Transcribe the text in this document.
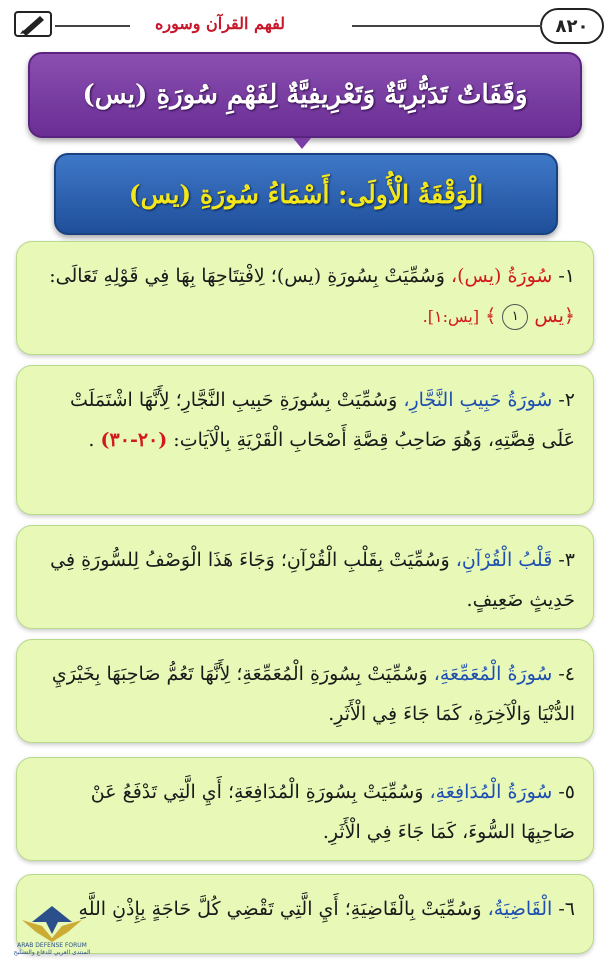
٨٢٠
لفهم القرآن وسوره
وَقَفَاتٌ تَدَبُّرِيَّةٌ وَتَعْرِيفِيَّةٌ لِفَهْمِ سُورَةِ (يس)
الْوَقْفَةُ الْأُولَى: أَسْمَاءُ سُورَةِ (يس)
١- سُورَةُ (يس)، وَسُمِّيَتْ بِسُورَةِ (يس)؛ لِافْتِتَاحِهَا بِهَا فِي قَوْلِهِ تَعَالَى: ﴿يس ١ ﴾ [يس:١].
٢- سُورَةُ حَبِيبِ النَّجَّارِ، وَسُمِّيَتْ بِسُورَةِ حَبِيبِ النَّجَّارِ؛ لِأَنَّهَا اشْتَمَلَتْ عَلَى قِصَّتِهِ، وَهُوَ صَاحِبُ قِصَّةِ أَصْحَابِ الْقَرْيَةِ بِالْآيَاتِ: (٢٠-٣٠) .
٣- قَلْبُ الْقُرْآنِ، وَسُمِّيَتْ بِقَلْبِ الْقُرْآنِ؛ وَجَاءَ هَذَا الْوَصْفُ لِلسُّورَةِ فِي حَدِيثٍ ضَعِيفٍ.
٤- سُورَةُ الْمُعَمِّعَةِ، وَسُمِّيَتْ بِسُورَةِ الْمُعَمِّعَةِ؛ لِأَنَّهَا تَعُمُّ صَاحِبَهَا بِخَيْرَيِ الدُّنْيَا وَالْآخِرَةِ، كَمَا جَاءَ فِي الْأَثَرِ.
٥- سُورَةُ الْمُدَافِعَةِ، وَسُمِّيَتْ بِسُورَةِ الْمُدَافِعَةِ؛ أَيِ الَّتِي تَدْفَعُ عَنْ صَاحِبِهَا السُّوءَ، كَمَا جَاءَ فِي الْأَثَرِ.
٦- الْقَاضِيَةُ، وَسُمِّيَتْ بِالْقَاضِيَةِ؛ أَيِ الَّتِي تَقْضِي كُلَّ حَاجَةٍ بِإِذْنِ اللَّهِ
ARAB DEFENSE FORUM
المنتدى العربي للدفاع والتسليح
